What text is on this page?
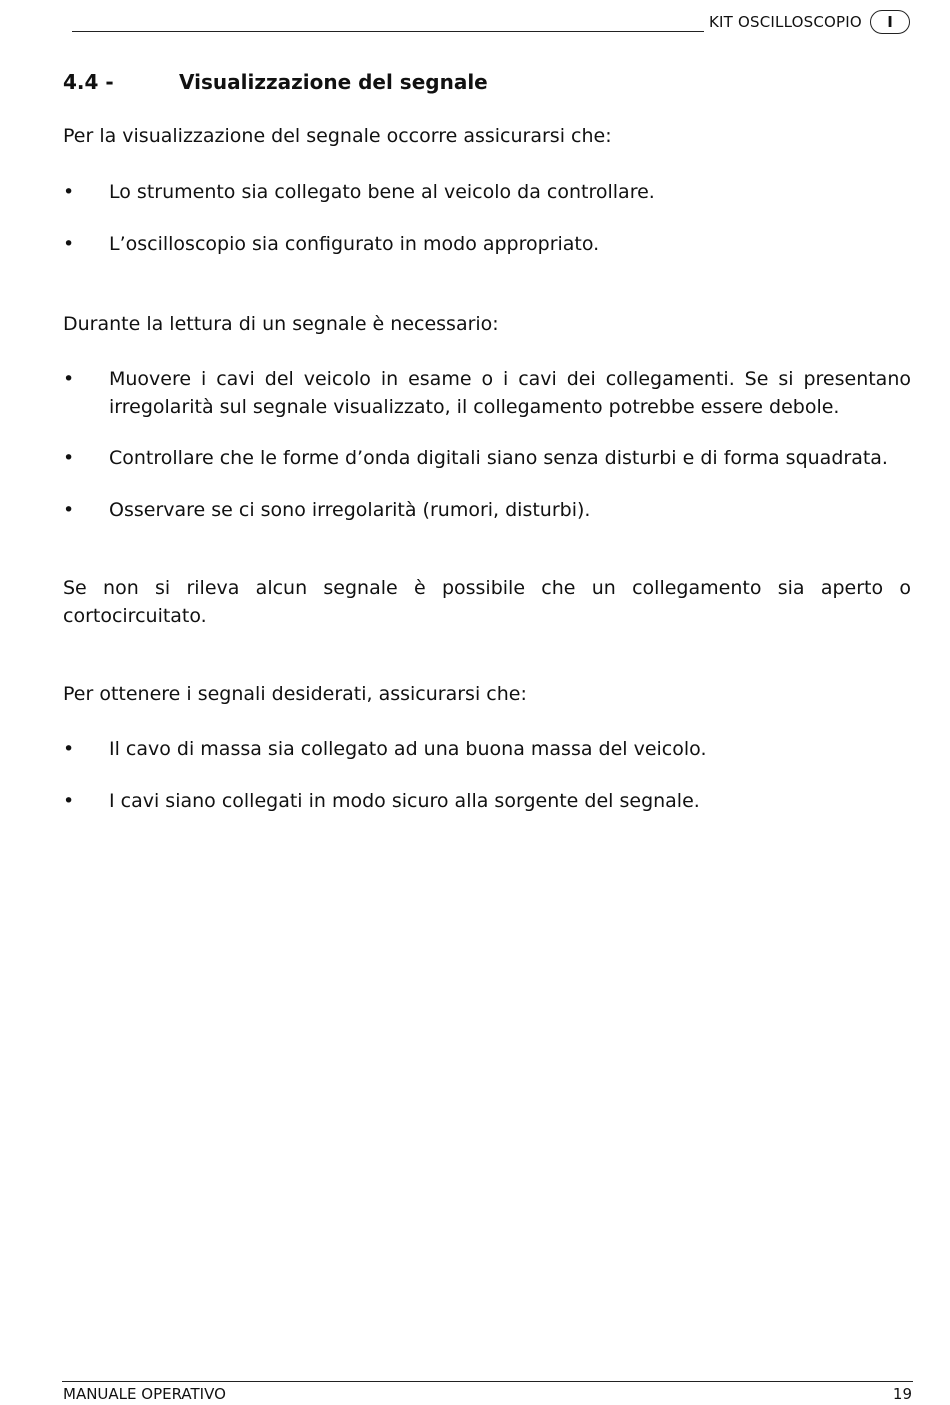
KIT OSCILLOSCOPIO	I
4.4 -	Visualizzazione del segnale
Per la visualizzazione del segnale occorre assicurarsi che:
• Lo strumento sia collegato bene al veicolo da controllare.
• L’oscilloscopio sia configurato in modo appropriato.
Durante la lettura di un segnale è necessario:
• Muovere i cavi del veicolo in esame o i cavi dei collegamenti. Se si presentano irregolarità sul segnale visualizzato, il collegamento potrebbe essere debole.
• Controllare che le forme d’onda digitali siano senza disturbi e di forma squadrata.
• Osservare se ci sono irregolarità (rumori, disturbi).
Se non si rileva alcun segnale è possibile che un collegamento sia aperto o cortocircuitato.
Per ottenere i segnali desiderati, assicurarsi che:
• Il cavo di massa sia collegato ad una buona massa del veicolo.
• I cavi siano collegati in modo sicuro alla sorgente del segnale.
MANUALE OPERATIVO	19
